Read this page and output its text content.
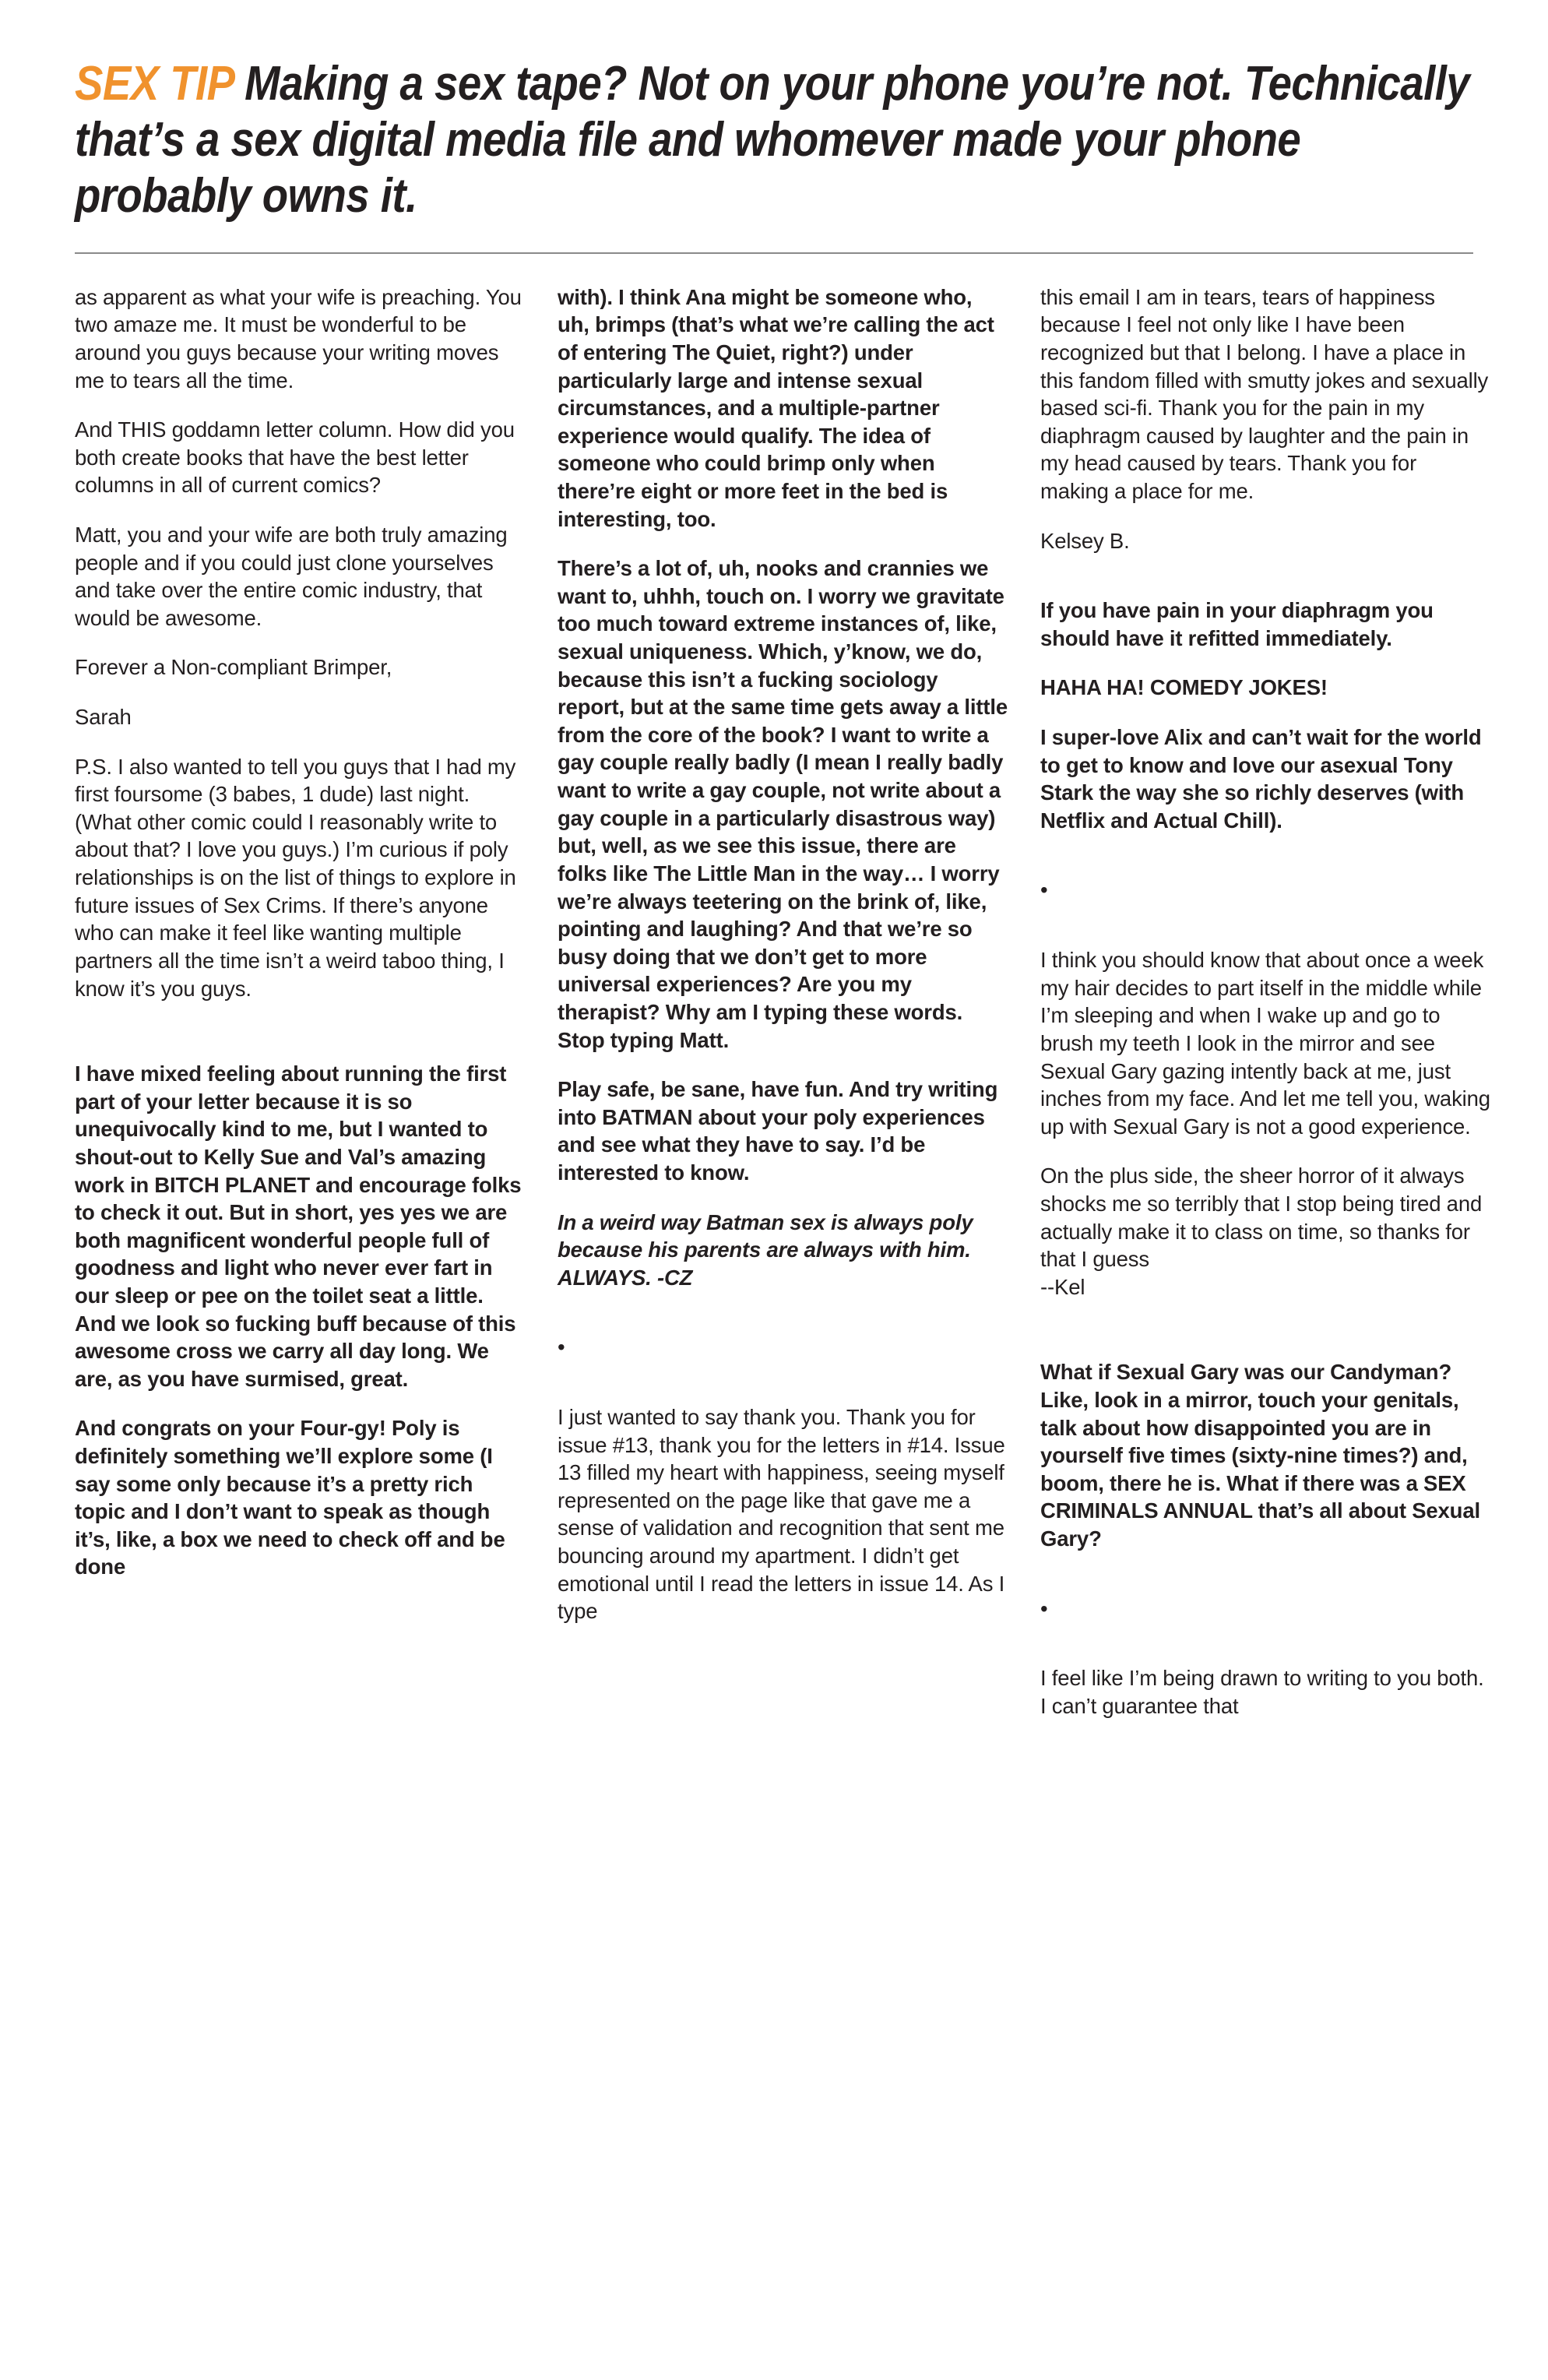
SEX TIP Making a sex tape? Not on your phone you’re not. Technically that’s a sex digital media file and whomever made your phone probably owns it.

as apparent as what your wife is preaching. You two amaze me. It must be wonderful to be around you guys because your writing moves me to tears all the time.

And THIS goddamn letter column. How did you both create books that have the best letter columns in all of current comics?

Matt, you and your wife are both truly amazing people and if you could just clone yourselves and take over the entire comic industry, that would be awesome.

Forever a Non-compliant Brimper,

Sarah

P.S. I also wanted to tell you guys that I had my first foursome (3 babes, 1 dude) last night. (What other comic could I reasonably write to about that? I love you guys.) I’m curious if poly relationships is on the list of things to explore in future issues of Sex Crims. If there’s anyone who can make it feel like wanting multiple partners all the time isn’t a weird taboo thing, I know it’s you guys.

I have mixed feeling about running the first part of your letter because it is so unequivocally kind to me, but I wanted to shout-out to Kelly Sue and Val’s amazing work in BITCH PLANET and encourage folks to check it out. But in short, yes yes we are both magnificent wonderful people full of goodness and light who never ever fart in our sleep or pee on the toilet seat a little. And we look so fucking buff because of this awesome cross we carry all day long. We are, as you have surmised, great.

And congrats on your Four-gy! Poly is definitely something we’ll explore some (I say some only because it’s a pretty rich topic and I don’t want to speak as though it’s, like, a box we need to check off and be done

with). I think Ana might be someone who, uh, brimps (that’s what we’re calling the act of entering The Quiet, right?) under particularly large and intense sexual circumstances, and a multiple-partner experience would qualify. The idea of someone who could brimp only when there’re eight or more feet in the bed is interesting, too.

There’s a lot of, uh, nooks and crannies we want to, uhhh, touch on. I worry we gravitate too much toward extreme instances of, like, sexual uniqueness. Which, y’know, we do, because this isn’t a fucking sociology report, but at the same time gets away a little from the core of the book? I want to write a gay couple really badly (I mean I really badly want to write a gay couple, not write about a gay couple in a particularly disastrous way) but, well, as we see this issue, there are folks like The Little Man in the way… I worry we’re always teetering on the brink of, like, pointing and laughing? And that we’re so busy doing that we don’t get to more universal experiences? Are you my therapist? Why am I typing these words. Stop typing Matt.

Play safe, be sane, have fun. And try writing into BATMAN about your poly experiences and see what they have to say. I’d be interested to know.

In a weird way Batman sex is always poly because his parents are always with him. ALWAYS. -CZ

•

I just wanted to say thank you. Thank you for issue #13, thank you for the letters in #14. Issue 13 filled my heart with happiness, seeing myself represented on the page like that gave me a sense of validation and recognition that sent me bouncing around my apartment. I didn’t get emotional until I read the letters in issue 14. As I type

this email I am in tears, tears of happiness because I feel not only like I have been recognized but that I belong. I have a place in this fandom filled with smutty jokes and sexually based sci-fi. Thank you for the pain in my diaphragm caused by laughter and the pain in my head caused by tears. Thank you for making a place for me.

Kelsey B.

If you have pain in your diaphragm you should have it refitted immediately.

HAHA HA! COMEDY JOKES!

I super-love Alix and can’t wait for the world to get to know and love our asexual Tony Stark the way she so richly deserves (with Netflix and Actual Chill).

•

I think you should know that about once a week my hair decides to part itself in the middle while I’m sleeping and when I wake up and go to brush my teeth I look in the mirror and see Sexual Gary gazing intently back at me, just inches from my face. And let me tell you, waking up with Sexual Gary is not a good experience.

On the plus side, the sheer horror of it always shocks me so terribly that I stop being tired and actually make it to class on time, so thanks for that I guess

--Kel

What if Sexual Gary was our Candyman? Like, look in a mirror, touch your genitals, talk about how disappointed you are in yourself five times (sixty-nine times?) and, boom, there he is. What if there was a SEX CRIMINALS ANNUAL that’s all about Sexual Gary?

•

I feel like I’m being drawn to writing to you both. I can’t guarantee that
